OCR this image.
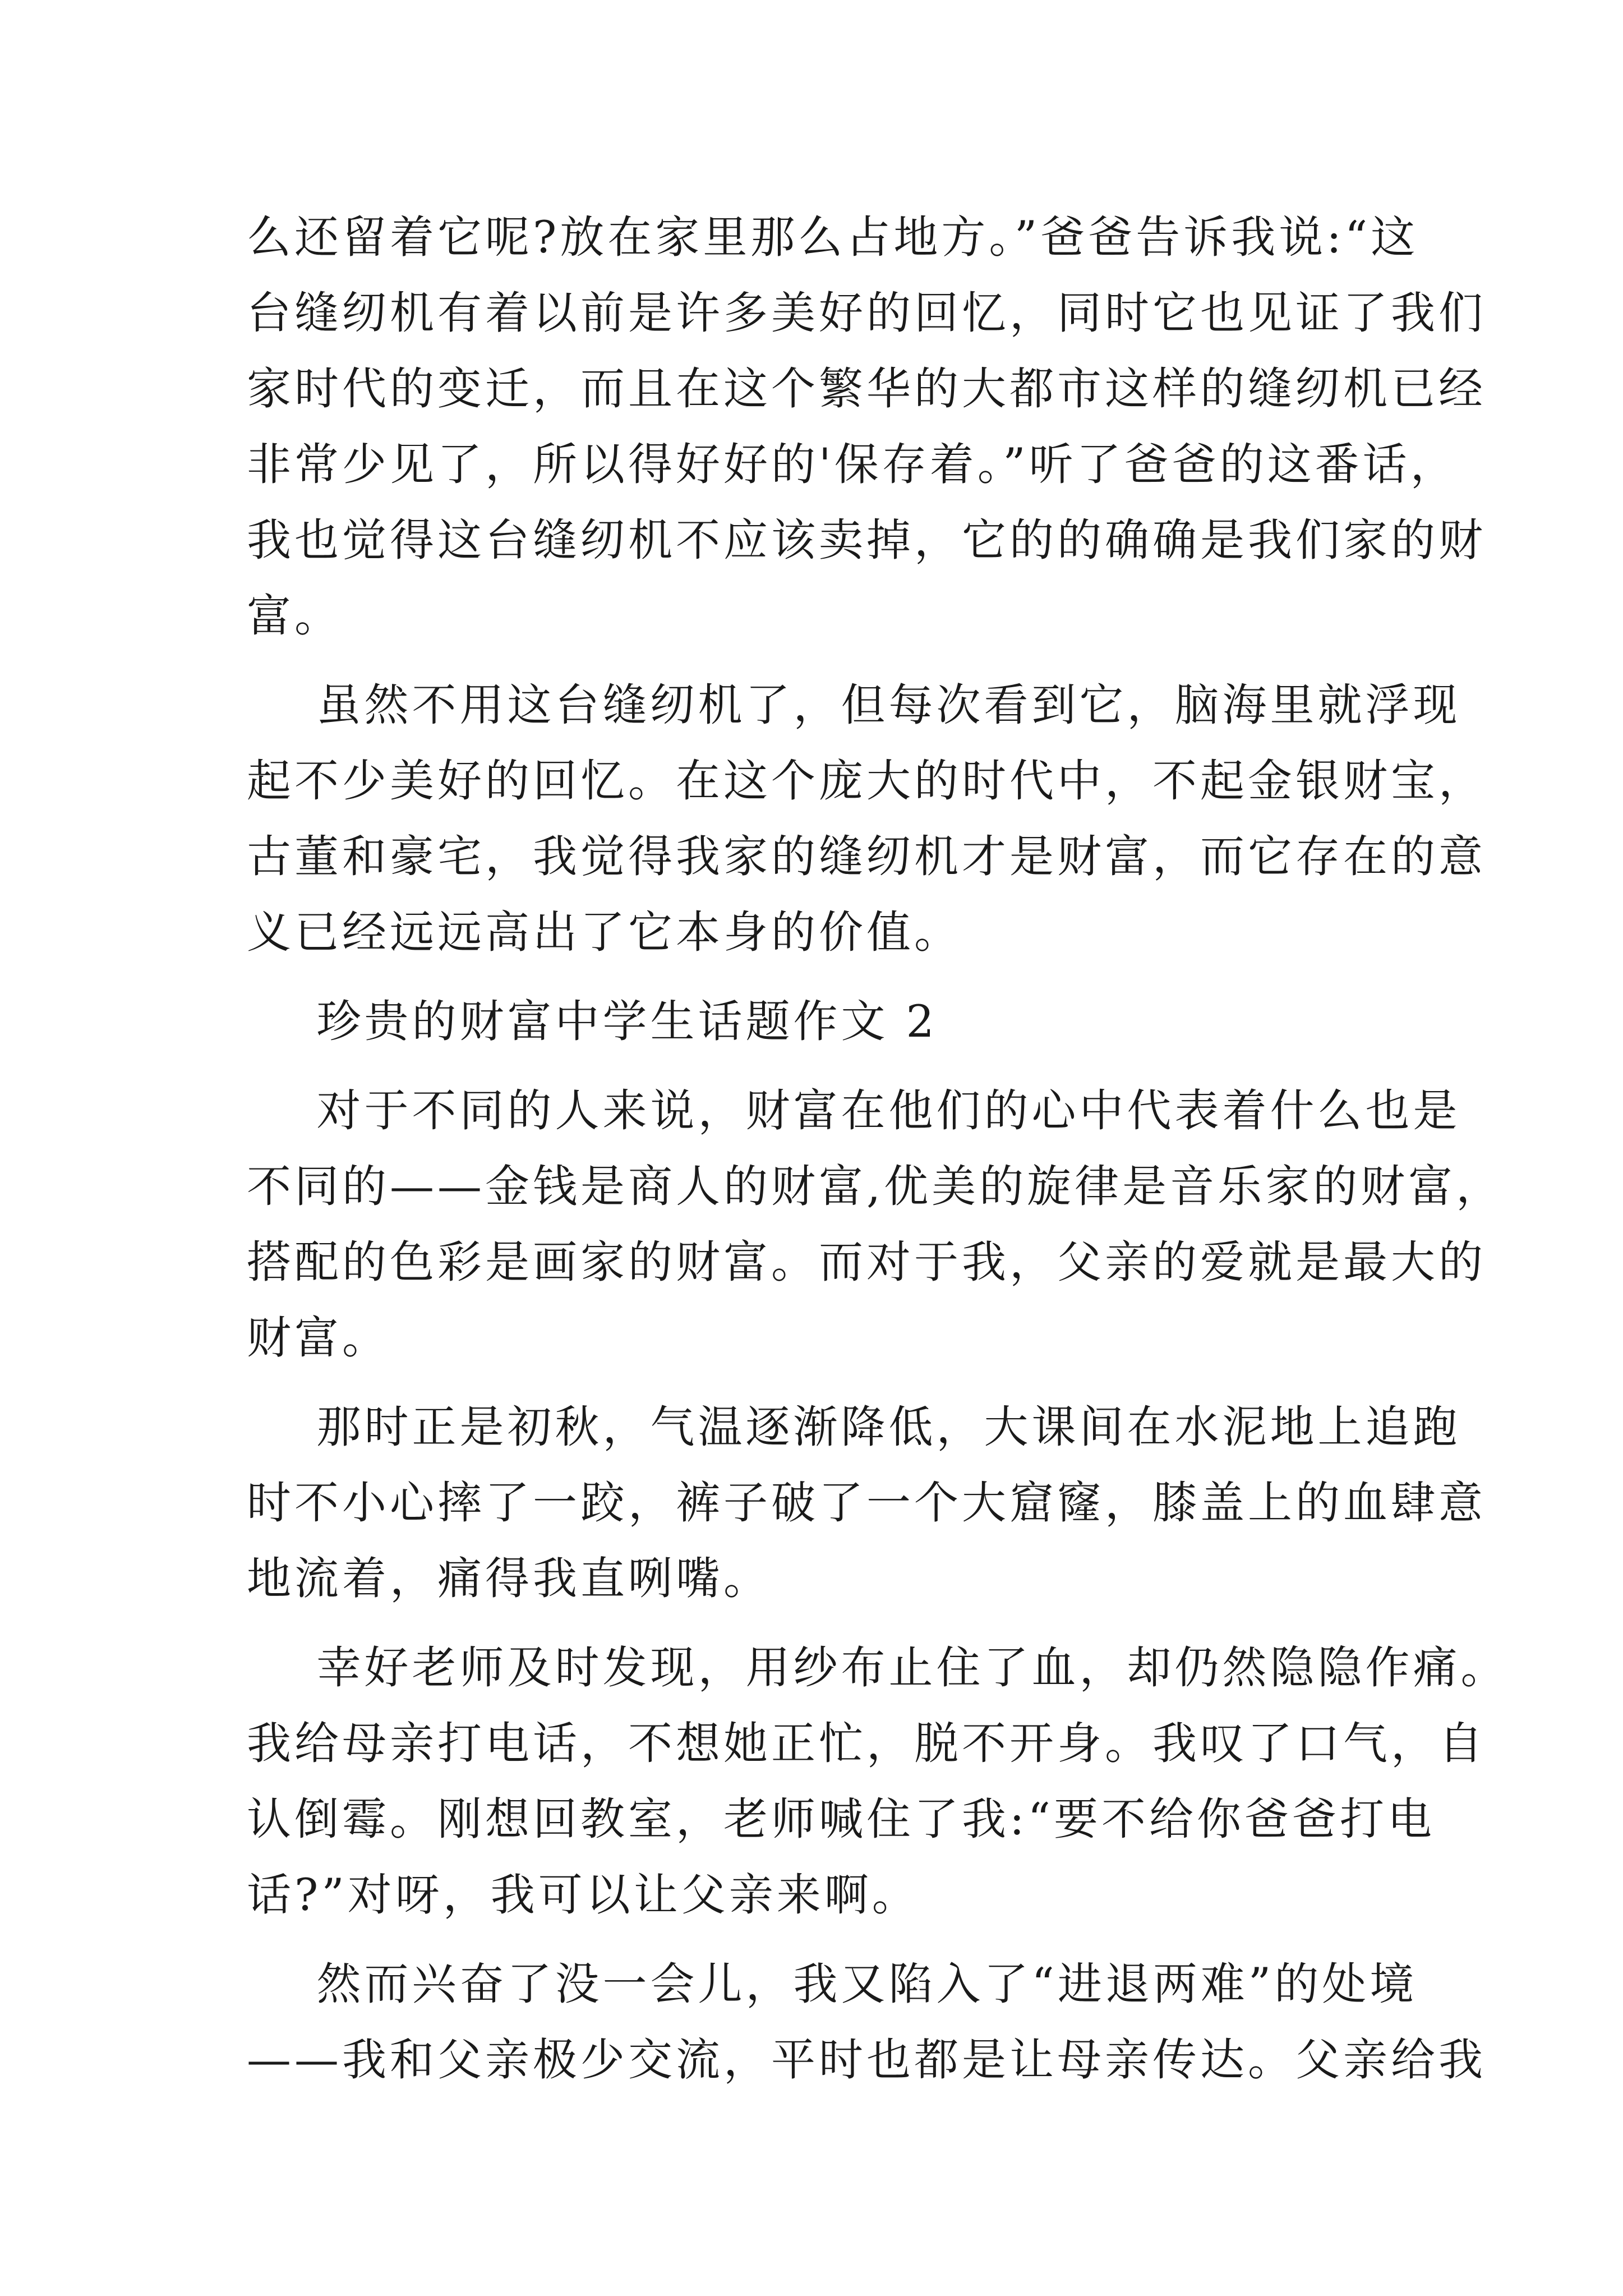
么还留着它呢?放在家里那么占地方。”爸爸告诉我说:“这
台缝纫机有着以前是许多美好的回忆，同时它也见证了我们
家时代的变迁，而且在这个繁华的大都市这样的缝纫机已经
非常少见了，所以得好好的'保存着。”听了爸爸的这番话，
我也觉得这台缝纫机不应该卖掉，它的的确确是我们家的财
富。
虽然不用这台缝纫机了，但每次看到它，脑海里就浮现
起不少美好的回忆。在这个庞大的时代中，不起金银财宝，
古董和豪宅，我觉得我家的缝纫机才是财富，而它存在的意
义已经远远高出了它本身的价值。
珍贵的财富中学生话题作文 2
对于不同的人来说，财富在他们的心中代表着什么也是
不同的——金钱是商人的财富,优美的旋律是音乐家的财富，
搭配的色彩是画家的财富。而对于我，父亲的爱就是最大的
财富。
那时正是初秋，气温逐渐降低，大课间在水泥地上追跑
时不小心摔了一跤，裤子破了一个大窟窿，膝盖上的血肆意
地流着，痛得我直咧嘴。
幸好老师及时发现，用纱布止住了血，却仍然隐隐作痛。
我给母亲打电话，不想她正忙，脱不开身。我叹了口气，自
认倒霉。刚想回教室，老师喊住了我:“要不给你爸爸打电
话?”对呀，我可以让父亲来啊。
然而兴奋了没一会儿，我又陷入了“进退两难”的处境
——我和父亲极少交流，平时也都是让母亲传达。父亲给我
